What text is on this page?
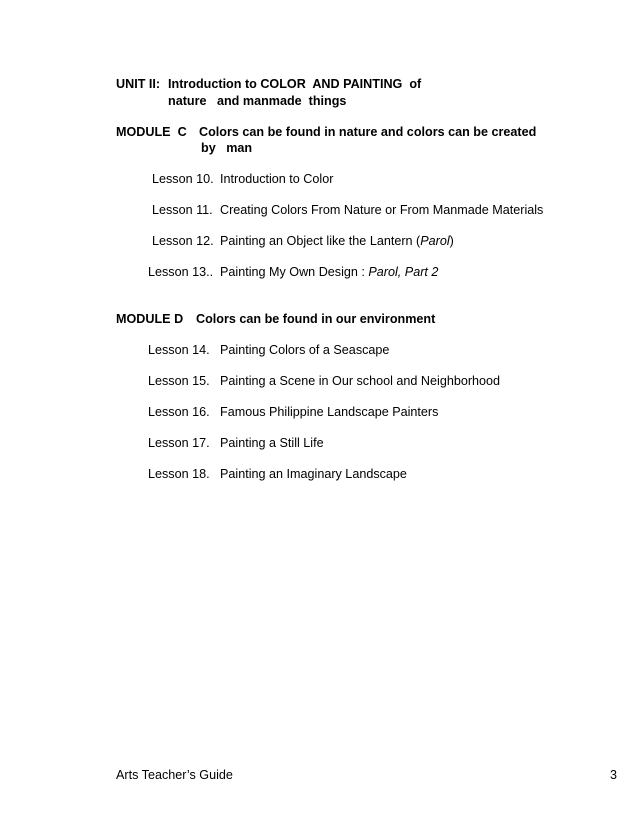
UNIT II: Introduction to COLOR  AND PAINTING  of
nature   and manmade  things
MODULE  C Colors can be found in nature and colors can be created
by   man
Lesson 10. Introduction to Color
Lesson 11. Creating Colors From Nature or From Manmade Materials
Lesson 12. Painting an Object like the Lantern (Parol)
Lesson 13.. Painting My Own Design : Parol, Part 2
MODULE D Colors can be found in our environment
Lesson 14. Painting Colors of a Seascape
Lesson 15. Painting a Scene in Our school and Neighborhood
Lesson 16. Famous Philippine Landscape Painters
Lesson 17. Painting a Still Life
Lesson 18. Painting an Imaginary Landscape
Arts Teacher’s Guide	3
